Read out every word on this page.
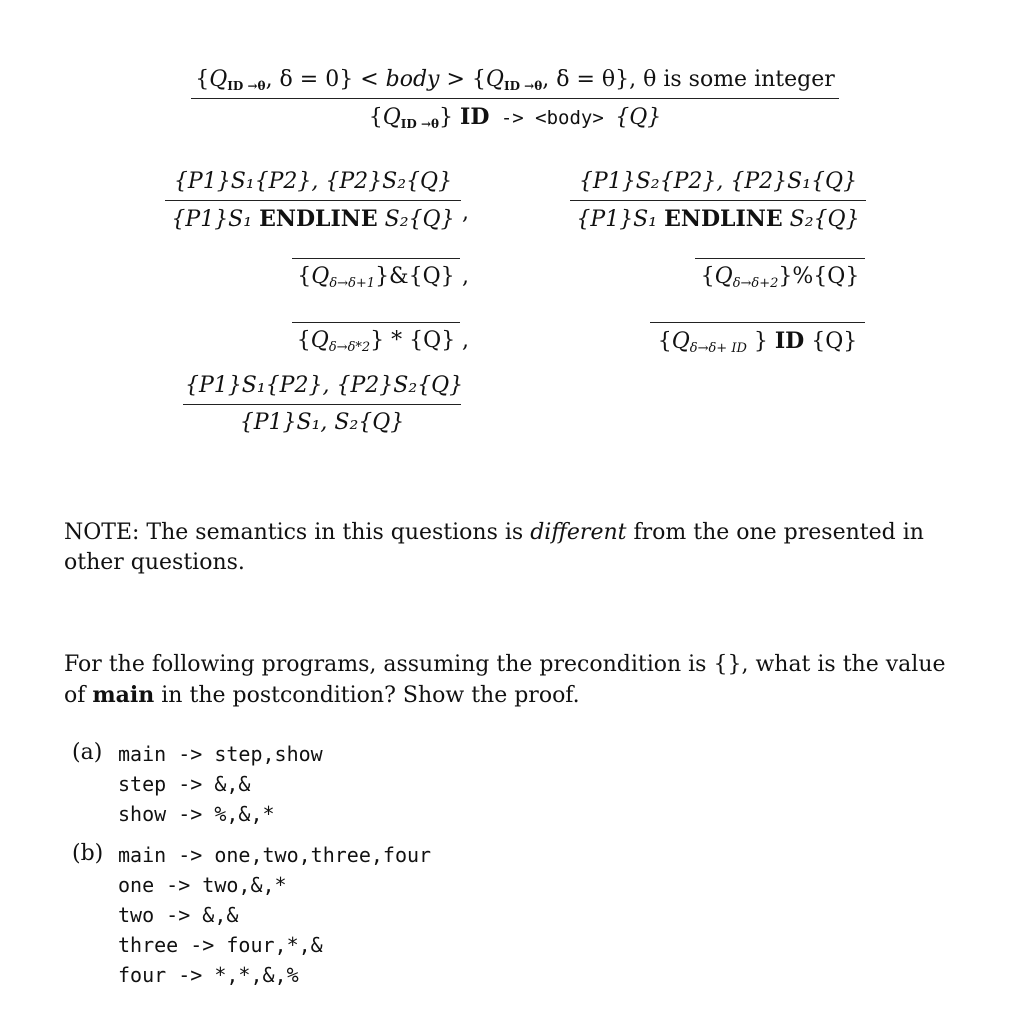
{$Q_{ID \to\theta}$, δ = 0} < body > {$Q_{ID \to\theta}$, δ = θ}, θ is some integer
$\{Q_{ID \to\theta}\}$ ID -> <body> {Q}
{P1}S₁{P2}, {P2}S₂{Q}
{P1}S₁ ENDLINE S₂{Q} ,
{P1}S₂{P2}, {P2}S₁{Q}
{P1}S₁ ENDLINE S₂{Q}
$\{Q_{\delta\to\delta+1}\}\&\{Q\}$ ,	$\{Q_{\delta\to\delta+2}\}\%\{Q\}$
$\{Q_{\delta\to\delta*2}\} * \{Q\}$ ,	{$Q_{\delta\to\delta+ ID}$ } ID {Q}
{P1}S₁{P2}, {P2}S₂{Q}
{P1}S₁, S₂{Q}
NOTE: The semantics in this questions is different from the one presented in other questions.
For the following programs, assuming the precondition is {}, what is the value of main in the postcondition? Show the proof.
(a) main -> step,show
step -> &,&
show -> %,&,*
(b) main -> one,two,three,four
one -> two,&,*
two -> &,&
three -> four,*,&
four -> *,*,&,%
